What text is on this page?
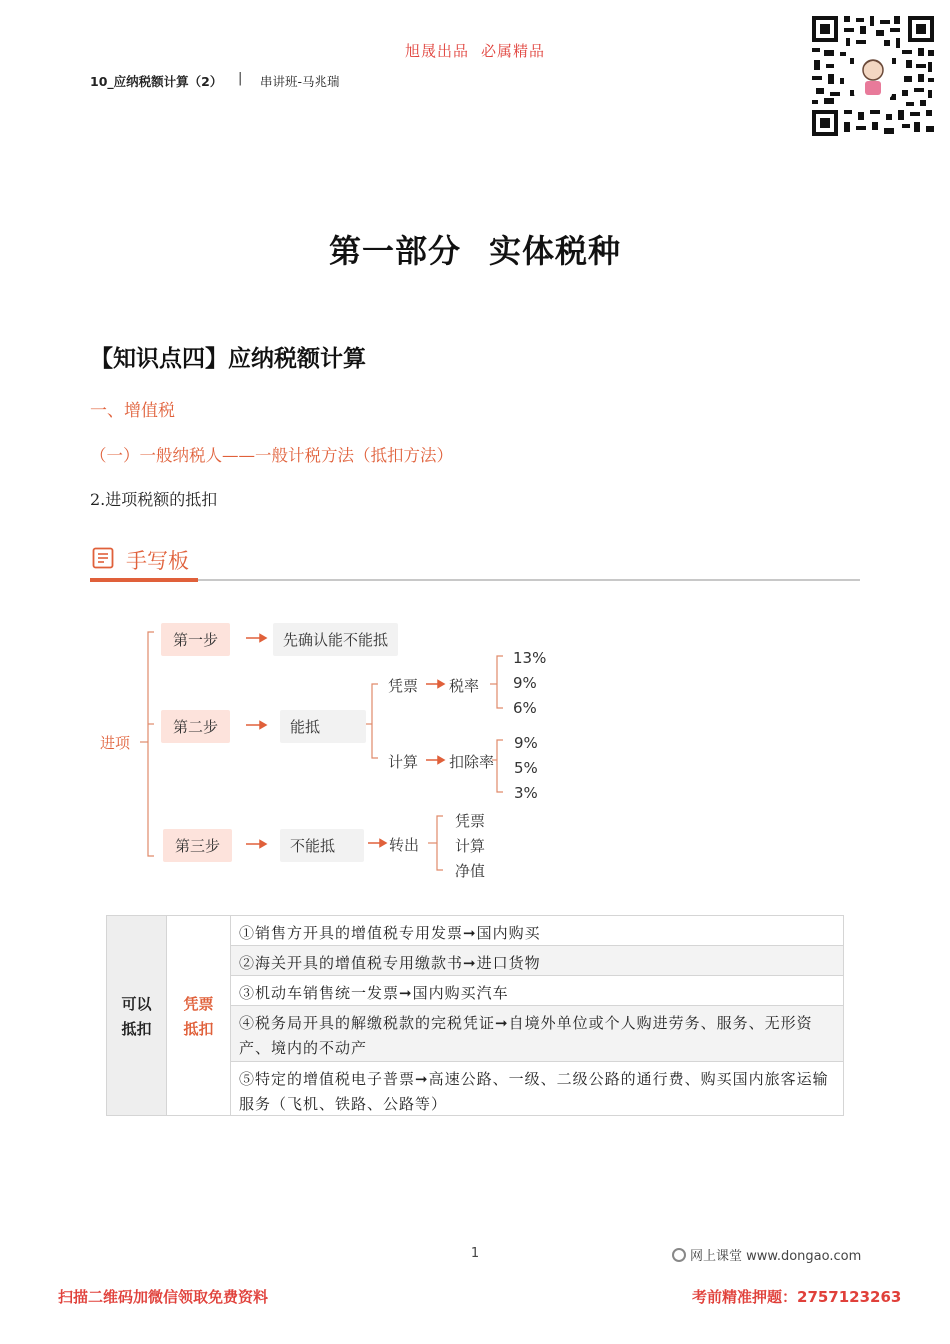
旭晟出品 必属精品
10_应纳税额计算（2） | 串讲班-马兆瑞
第一部分 实体税种
【知识点四】应纳税额计算
一、增值税
（一）一般纳税人——一般计税方法（抵扣方法）
2.进项税额的抵扣
手写板
进项
第一步	先确认能不能抵
第二步	能抵
凭票 税率
13%
9%
6%
计算 扣除率
9%
5%
3%
第三步	不能抵	转出
凭票
计算
净值
可以
抵扣
凭票
抵扣
①销售方开具的增值税专用发票➞国内购买
②海关开具的增值税专用缴款书➞进口货物
③机动车销售统一发票➞国内购买汽车
④税务局开具的解缴税款的完税凭证➞自境外单位或个人购进劳务、服务、无形资产、境内的不动产
⑤特定的增值税电子普票➞高速公路、一级、二级公路的通行费、购买国内旅客运输服务（飞机、铁路、公路等）
1	网上课堂 www.dongao.com
扫描二维码加微信领取免费资料	考前精准押题：2757123263
